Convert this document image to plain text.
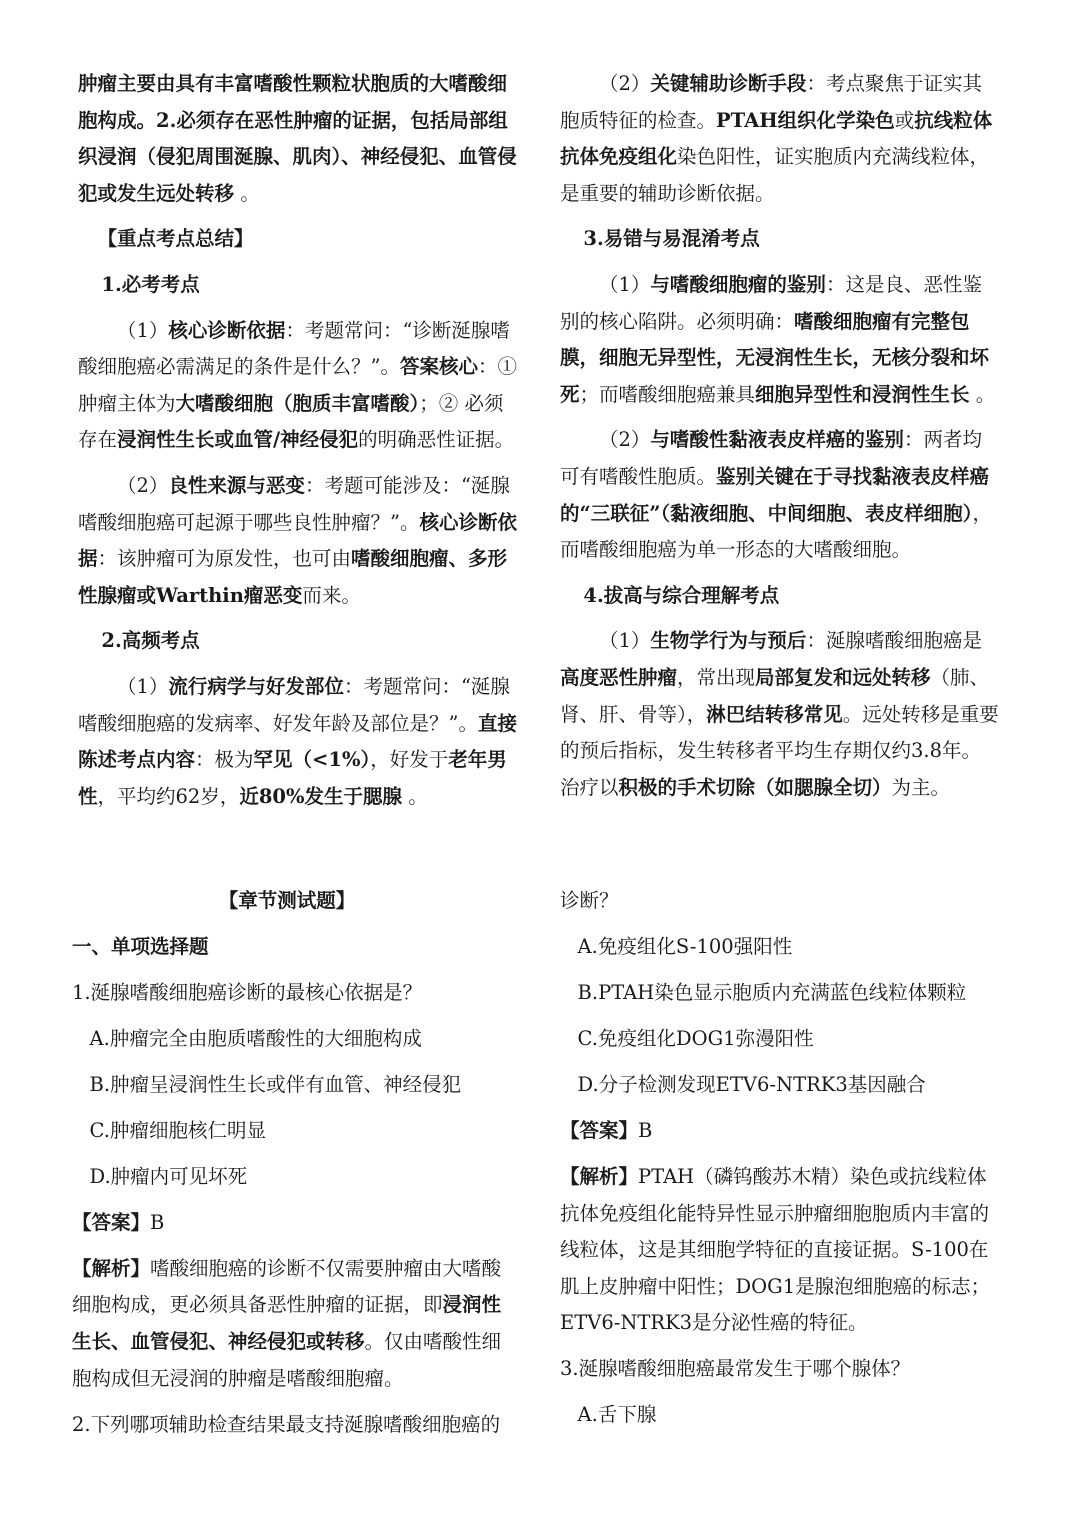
肿瘤主要由具有丰富嗜酸性颗粒状胞质的大嗜酸细胞构成。2.必须存在恶性肿瘤的证据，包括局部组织浸润（侵犯周围涎腺、肌肉）、神经侵犯、血管侵犯或发生远处转移 。

【重点考点总结】

1.必考考点

（1）核心诊断依据：考题常问：“诊断涎腺嗜酸细胞癌必需满足的条件是什么？”。答案核心：① 肿瘤主体为大嗜酸细胞（胞质丰富嗜酸）；② 必须存在浸润性生长或血管/神经侵犯的明确恶性证据。

（2）良性来源与恶变：考题可能涉及：“涎腺嗜酸细胞癌可起源于哪些良性肿瘤？”。核心诊断依据：该肿瘤可为原发性，也可由嗜酸细胞瘤、多形性腺瘤或Warthin瘤恶变而来。

2.高频考点

（1）流行病学与好发部位：考题常问：“涎腺嗜酸细胞癌的发病率、好发年龄及部位是？”。直接陈述考点内容：极为罕见（<1%），好发于老年男性，平均约62岁，近80%发生于腮腺 。

（2）关键辅助诊断手段：考点聚焦于证实其胞质特征的检查。PTAH组织化学染色或抗线粒体抗体免疫组化染色阳性，证实胞质内充满线粒体，是重要的辅助诊断依据。

3.易错与易混淆考点

（1）与嗜酸细胞瘤的鉴别：这是良、恶性鉴别的核心陷阱。必须明确：嗜酸细胞瘤有完整包膜，细胞无异型性，无浸润性生长，无核分裂和坏死；而嗜酸细胞癌兼具细胞异型性和浸润性生长 。

（2）与嗜酸性黏液表皮样癌的鉴别：两者均可有嗜酸性胞质。鉴别关键在于寻找黏液表皮样癌的“三联征”（黏液细胞、中间细胞、表皮样细胞），而嗜酸细胞癌为单一形态的大嗜酸细胞。

4.拔高与综合理解考点

（1）生物学行为与预后：涎腺嗜酸细胞癌是高度恶性肿瘤，常出现局部复发和远处转移（肺、肾、肝、骨等），淋巴结转移常见。远处转移是重要的预后指标，发生转移者平均生存期仅约3.8年。治疗以积极的手术切除（如腮腺全切）为主。

【章节测试题】

一、单项选择题

1.涎腺嗜酸细胞癌诊断的最核心依据是？

A.肿瘤完全由胞质嗜酸性的大细胞构成

B.肿瘤呈浸润性生长或伴有血管、神经侵犯

C.肿瘤细胞核仁明显

D.肿瘤内可见坏死

【答案】B

【解析】嗜酸细胞癌的诊断不仅需要肿瘤由大嗜酸细胞构成，更必须具备恶性肿瘤的证据，即浸润性生长、血管侵犯、神经侵犯或转移。仅由嗜酸性细胞构成但无浸润的肿瘤是嗜酸细胞瘤。

2.下列哪项辅助检查结果最支持涎腺嗜酸细胞癌的

诊断？

A.免疫组化S-100强阳性

B.PTAH染色显示胞质内充满蓝色线粒体颗粒

C.免疫组化DOG1弥漫阳性

D.分子检测发现ETV6-NTRK3基因融合

【答案】B

【解析】PTAH（磷钨酸苏木精）染色或抗线粒体抗体免疫组化能特异性显示肿瘤细胞胞质内丰富的线粒体，这是其细胞学特征的直接证据。S-100在肌上皮肿瘤中阳性；DOG1是腺泡细胞癌的标志；ETV6-NTRK3是分泌性癌的特征。

3.涎腺嗜酸细胞癌最常发生于哪个腺体？

A.舌下腺
